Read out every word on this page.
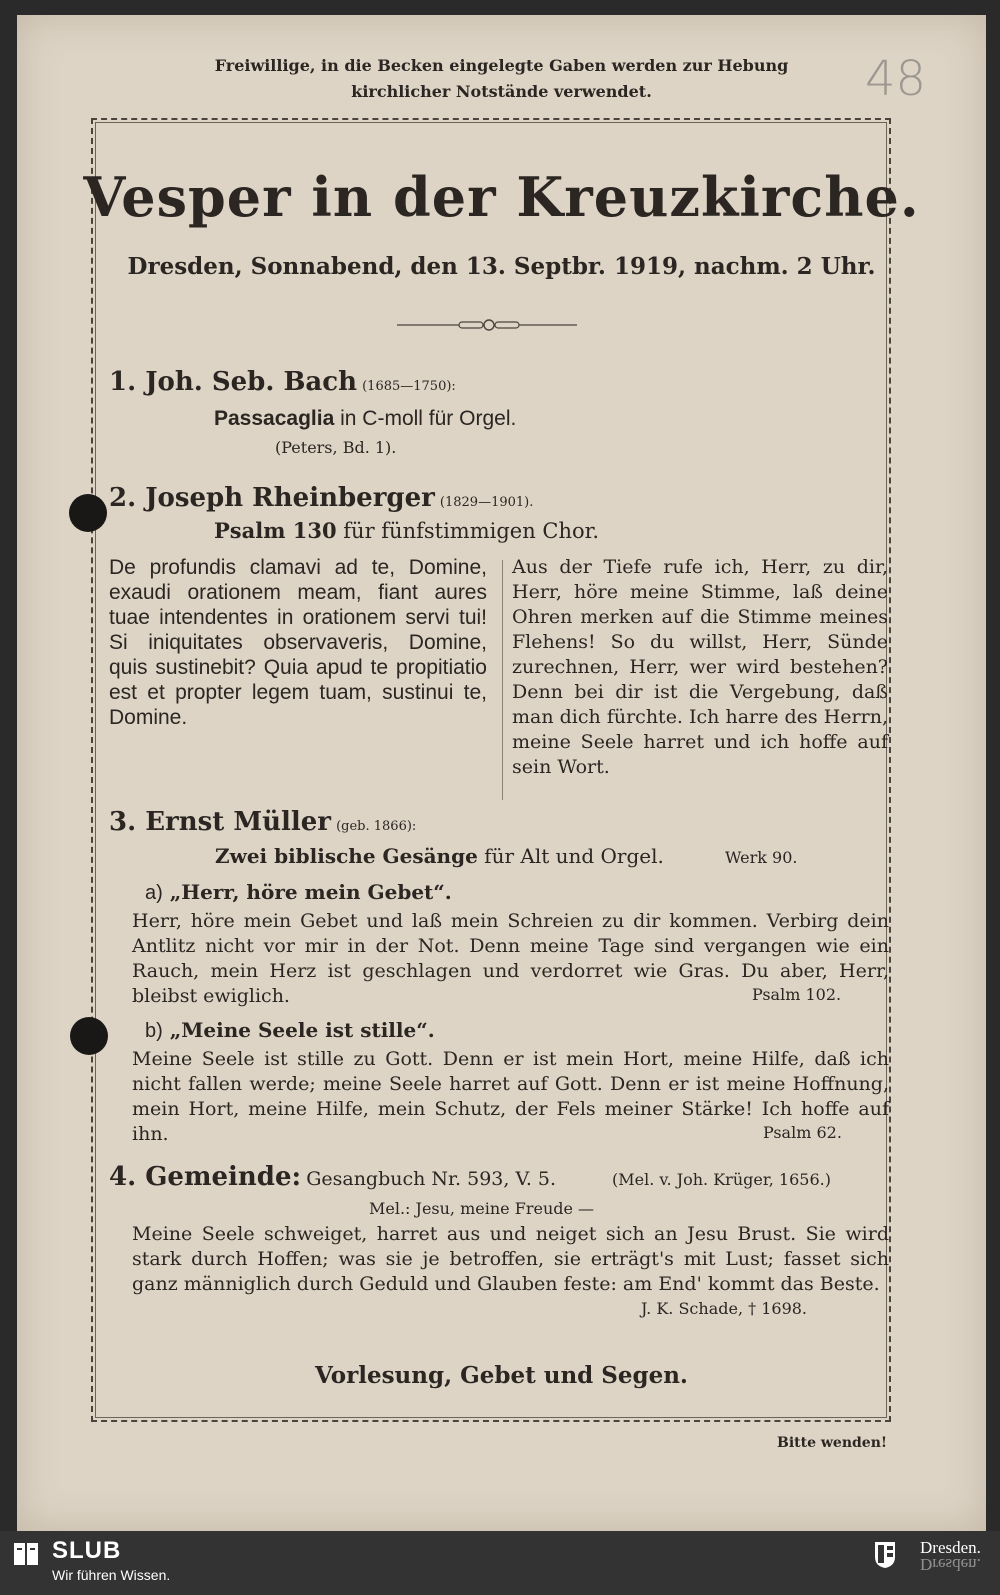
Freiwillige, in die Becken eingelegte Gaben werden zur Hebung
kirchlicher Notstände verwendet.	48
Vesper in der Kreuzkirche.
Dresden, Sonnabend, den 13. Septbr. 1919, nachm. 2 Uhr.
1. Joh. Seb. Bach (1685—1750):
Passacaglia in C-moll für Orgel.
(Peters, Bd. 1).
2. Joseph Rheinberger (1829—1901).
Psalm 130 für fünfstimmigen Chor.
De profundis clamavi ad te, Domine, exaudi orationem meam, fiant aures tuae intendentes in orationem servi tui! Si iniquitates observaveris, Domine, quis sustinebit? Quia apud te propitiatio est et propter legem tuam, sustinui te, Domine.
Aus der Tiefe rufe ich, Herr, zu dir, Herr, höre meine Stimme, laß deine Ohren merken auf die Stimme meines Flehens! So du willst, Herr, Sünde zurechnen, Herr, wer wird bestehen? Denn bei dir ist die Vergebung, daß man dich fürchte. Ich harre des Herrn, meine Seele harret und ich hoffe auf sein Wort.
3. Ernst Müller (geb. 1866):
Zwei biblische Gesänge für Alt und Orgel.	Werk 90.
a) „Herr, höre mein Gebet“.
Herr, höre mein Gebet und laß mein Schreien zu dir kommen. Verbirg dein Antlitz nicht vor mir in der Not. Denn meine Tage sind vergangen wie ein Rauch, mein Herz ist geschlagen und verdorret wie Gras. Du aber, Herr, bleibst ewiglich.	Psalm 102.
b) „Meine Seele ist stille“.
Meine Seele ist stille zu Gott. Denn er ist mein Hort, meine Hilfe, daß ich nicht fallen werde; meine Seele harret auf Gott. Denn er ist meine Hoffnung, mein Hort, meine Hilfe, mein Schutz, der Fels meiner Stärke! Ich hoffe auf ihn.	Psalm 62.
4. Gemeinde: Gesangbuch Nr. 593, V. 5.	(Mel. v. Joh. Krüger, 1656.)
Mel.: Jesu, meine Freude —
Meine Seele schweiget, harret aus und neiget sich an Jesu Brust. Sie wird stark durch Hoffen; was sie je betroffen, sie erträgt's mit Lust; fasset sich ganz männiglich durch Geduld und Glauben feste: am End' kommt das Beste.
J. K. Schade, † 1698.
Vorlesung, Gebet und Segen.
Bitte wenden!
SLUB
Wir führen Wissen.
Dresden.
Dresden.
